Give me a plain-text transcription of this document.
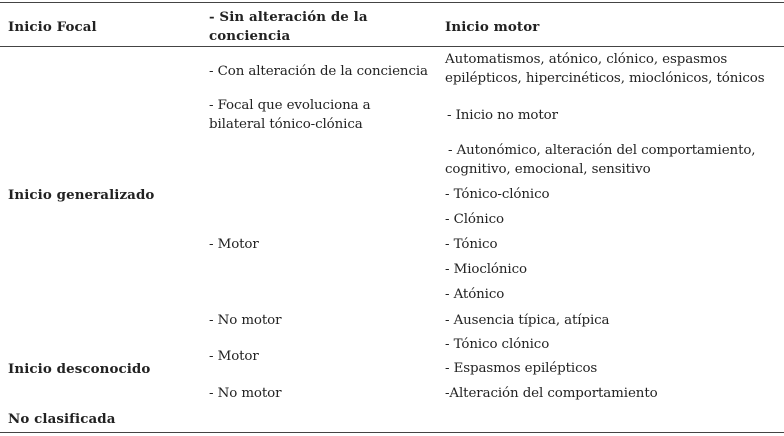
Inicio Focal
- Sin alteración de la
conciencia
Inicio motor
- Con alteración de la conciencia
- Focal que evoluciona a
bilateral tónico-clónica
Automatismos, atónico, clónico, espasmos
epilépticos, hipercinéticos, mioclónicos, tónicos
- Inicio no motor
- Autonómico, alteración del comportamiento,
cognitivo, emocional, sensitivo
Inicio generalizado
- Motor
- No motor
- Tónico-clónico
- Clónico
- Tónico
- Mioclónico
- Atónico
- Ausencia típica, atípica
Inicio desconocido
- Motor
- No motor
- Tónico clónico
- Espasmos epilépticos
-Alteración del comportamiento
No clasificada
